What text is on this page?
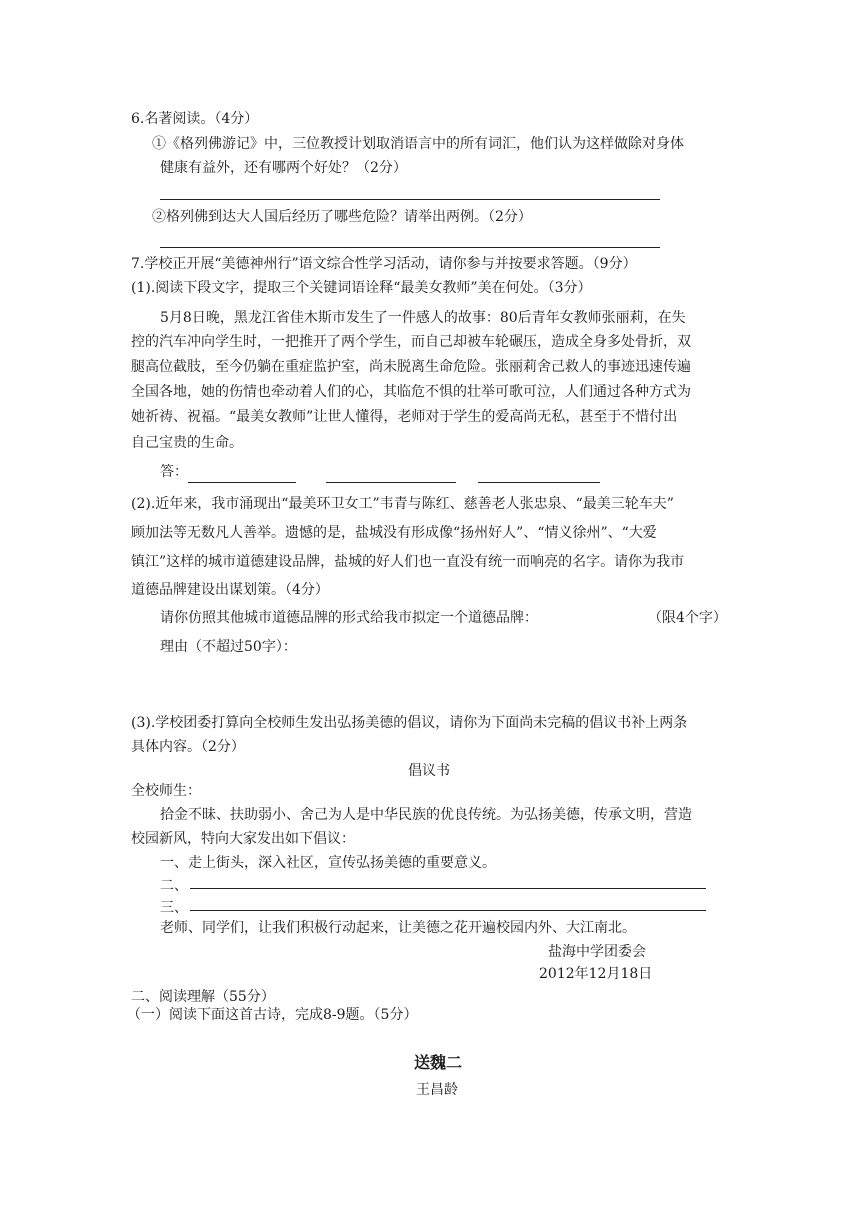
6.名著阅读。（4分）
①《格列佛游记》中，三位教授计划取消语言中的所有词汇，他们认为这样做除对身体
健康有益外，还有哪两个好处？（2分）
②格列佛到达大人国后经历了哪些危险？请举出两例。（2分）
7.学校正开展“美德神州行”语文综合性学习活动，请你参与并按要求答题。（9分）
(1).阅读下段文字，提取三个关键词语诠释“最美女教师”美在何处。（3分）
5月8日晚，黑龙江省佳木斯市发生了一件感人的故事：80后青年女教师张丽莉，在失
控的汽车冲向学生时，一把推开了两个学生，而自己却被车轮碾压，造成全身多处骨折，双
腿高位截肢，至今仍躺在重症监护室，尚未脱离生命危险。张丽莉舍己救人的事迹迅速传遍
全国各地，她的伤情也牵动着人们的心，其临危不惧的壮举可歌可泣，人们通过各种方式为
她祈祷、祝福。“最美女教师”让世人懂得，老师对于学生的爱高尚无私，甚至于不惜付出
自己宝贵的生命。
答：
(2).近年来，我市涌现出“最美环卫女工”韦青与陈红、慈善老人张忠泉、“最美三轮车夫”
顾加法等无数凡人善举。遗憾的是，盐城没有形成像“扬州好人”、“情义徐州”、“大爱
镇江”这样的城市道德建设品牌，盐城的好人们也一直没有统一而响亮的名字。请你为我市
道德品牌建设出谋划策。（4分）
请你仿照其他城市道德品牌的形式给我市拟定一个道德品牌：	（限4个字）
理由（不超过50字）：
(3).学校团委打算向全校师生发出弘扬美德的倡议，请你为下面尚未完稿的倡议书补上两条
具体内容。（2分）
倡议书
全校师生：
拾金不昧、扶助弱小、舍己为人是中华民族的优良传统。为弘扬美德，传承文明，营造
校园新风，特向大家发出如下倡议：
一、走上街头，深入社区，宣传弘扬美德的重要意义。
二、
三、
老师、同学们，让我们积极行动起来，让美德之花开遍校园内外、大江南北。
盐海中学团委会
2012年12月18日
二、阅读理解（55分）
（一）阅读下面这首古诗，完成8-9题。（5分）
送魏二
王昌龄
